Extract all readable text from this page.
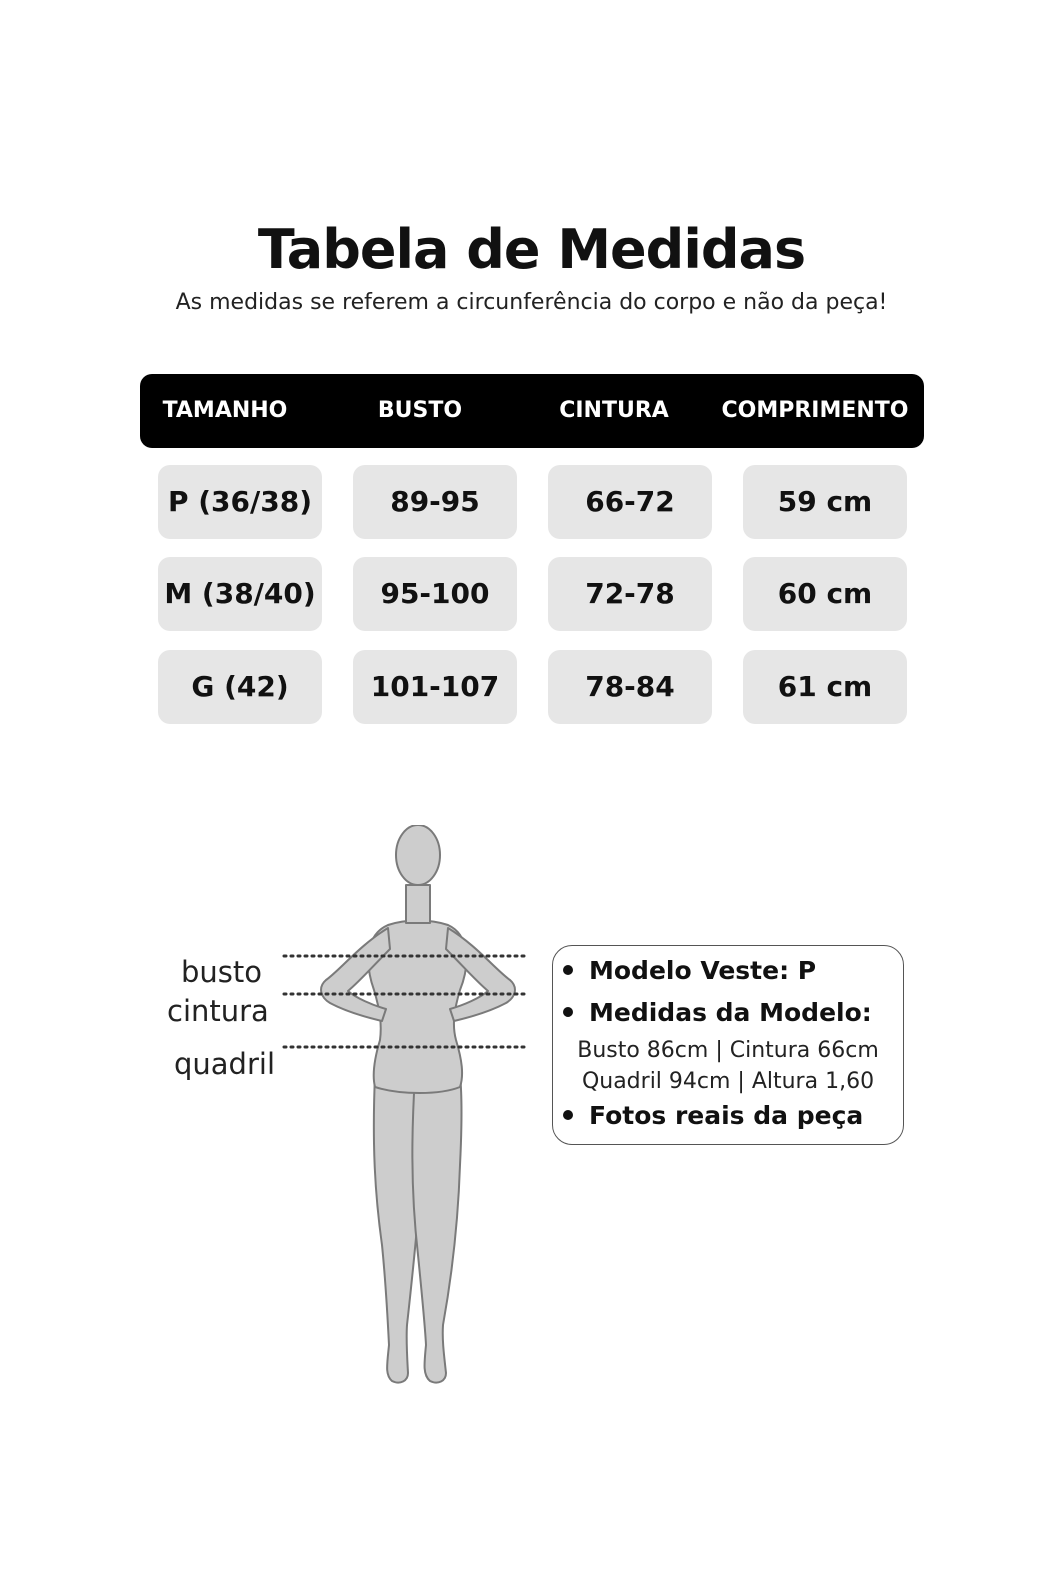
Tabela de Medidas
As medidas se referem a circunferência do corpo e não da peça!
TAMANHO	BUSTO	CINTURA	COMPRIMENTO
P (36/38)	89-95	66-72	59 cm
M (38/40)	95-100	72-78	60 cm
G (42)	101-107	78-84	61 cm
busto
cintura
quadril
Modelo Veste: P
Medidas da Modelo:
Busto 86cm | Cintura 66cm
Quadril 94cm | Altura 1,60
Fotos reais da peça
